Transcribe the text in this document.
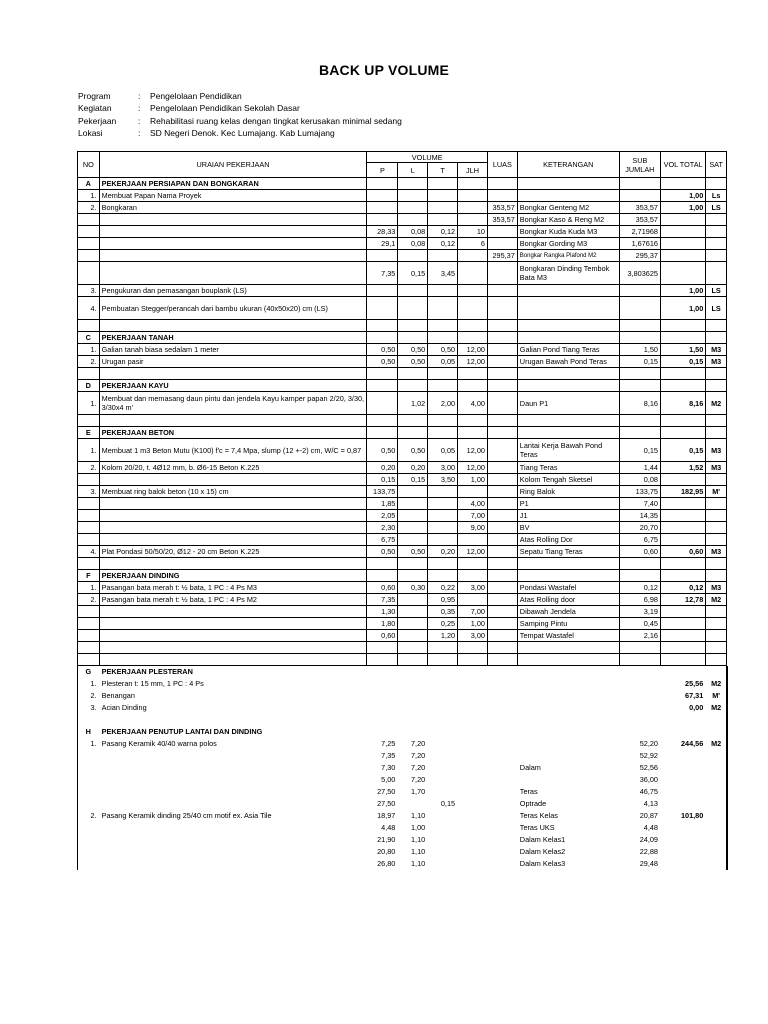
BACK UP VOLUME
Program	:	Pengelolaan Pendidikan
Kegiatan	:	Pengelolaan Pendidikan Sekolah Dasar
Pekerjaan	:	Rehabilitasi ruang kelas dengan tingkat kerusakan minimal sedang
Lokasi	:	SD Negeri Denok. Kec Lumajang. Kab Lumajang
NO	URAIAN PEKERJAAN	VOLUME				LUAS	KETERANGAN	SUB JUMLAH	VOL TOTAL	SAT
		P	L	T	JLH					
A	PEKERJAAN PERSIAPAN DAN BONGKARAN									
1.	Membuat Papan Nama Proyek								1,00	Ls
2.	Bongkaran					353,57	Bongkar Genteng M2	353,57	1,00	LS
						353,57	Bongkar Kaso & Reng M2	353,57		
		28,33	0,08	0,12	10		Bongkar Kuda Kuda M3	2,71968		
		29,1	0,08	0,12	6		Bongkar Gording M3	1,67616		
						295,37	Bongkar Rangka Plafond M2	295,37		
		7,35	0,15	3,45			Bongkaran Dinding Tembok Bata M3	3,803625		
3.	Pengukuran dan pemasangan bouplank (LS)								1,00	LS
4.	Pembuatan Stegger/perancah dari bambu ukuran (40x50x20) cm (LS)								1,00	LS

C	PEKERJAAN TANAH									
1.	Galian tanah biasa sedalam 1 meter	0,50	0,50	0,50	12,00		Galian Pond Tiang Teras	1,50	1,50	M3
2.	Urugan pasir	0,50	0,50	0,05	12,00		Urugan Bawah Pond Teras	0,15	0,15	M3

D	PEKERJAAN KAYU									
1.	Membuat dan memasang daun pintu dan jendela Kayu kamper papan 2/20, 3/30, 3/30x4 m'		1,02	2,00	4,00		Daun P1	8,16	8,16	M2

E	PEKERJAAN BETON									
1.	Membuat 1 m3 Beton Mutu (K100) f'c = 7,4 Mpa, slump (12 +-2) cm, W/C = 0,87	0,50	0,50	0,05	12,00		Lantai Kerja Bawah Pond Teras	0,15	0,15	M3
2.	Kolom 20/20, t. 4Ø12 mm, b. Ø6-15 Beton K.225	0,20	0,20	3,00	12,00		Tiang Teras	1,44	1,52	M3
		0,15	0,15	3,50	1,00		Kolom Tengah Sketsel	0,08		
3.	Membuat ring balok beton (10 x 15) cm	133,75					Ring Balok	133,75	182,95	M'
		1,85			4,00		P1	7,40		
		2,05			7,00		J1	14,35		
		2,30			9,00		BV	20,70		
		6,75					Atas Rolling Dor	6,75		
4.	Plat Pondasi 50/50/20, Ø12 - 20 cm Beton K.225	0,50	0,50	0,20	12,00		Sepatu Tiang Teras	0,60	0,60	M3

F	PEKERJAAN DINDING									
1.	Pasangan bata merah t: ½ bata, 1 PC : 4 Ps M3	0,60	0,30	0,22	3,00		Pondasi Wastafel	0,12	0,12	M3
2.	Pasangan bata merah t: ½ bata, 1 PC : 4 Ps M2	7,35		0,95			Atas Rolling door	6,98	12,78	M2
		1,30		0,35	7,00		Dibawah Jendela	3,19		
		1,80		0,25	1,00		Samping Pintu	0,45		
		0,60		1,20	3,00		Tempat Wastafel	2,16		

G	PEKERJAAN PLESTERAN									
1.	Plesteran t: 15 mm, 1 PC : 4 Ps								25,56	M2
2.	Benangan								67,31	M'
3.	Acian Dinding								0,00	M2

H	PEKERJAAN PENUTUP LANTAI DAN DINDING									
1.	Pasang Keramik 40/40 warna polos	7,25	7,20					52,20	244,56	M2
		7,35	7,20					52,92		
		7,30	7,20				Dalam	52,56		
		5,00	7,20					36,00		
		27,50	1,70				Teras	46,75		
		27,50		0,15			Optrade	4,13		
2.	Pasang Keramik dinding 25/40 cm motif ex. Asia Tile	18,97	1,10				Teras Kelas	20,87	101,80	
		4,48	1,00				Teras UKS	4,48		
		21,90	1,10				Dalam Kelas1	24,09		
		20,80	1,10				Dalam Kelas2	22,88		
		26,80	1,10				Dalam Kelas3	29,48		
